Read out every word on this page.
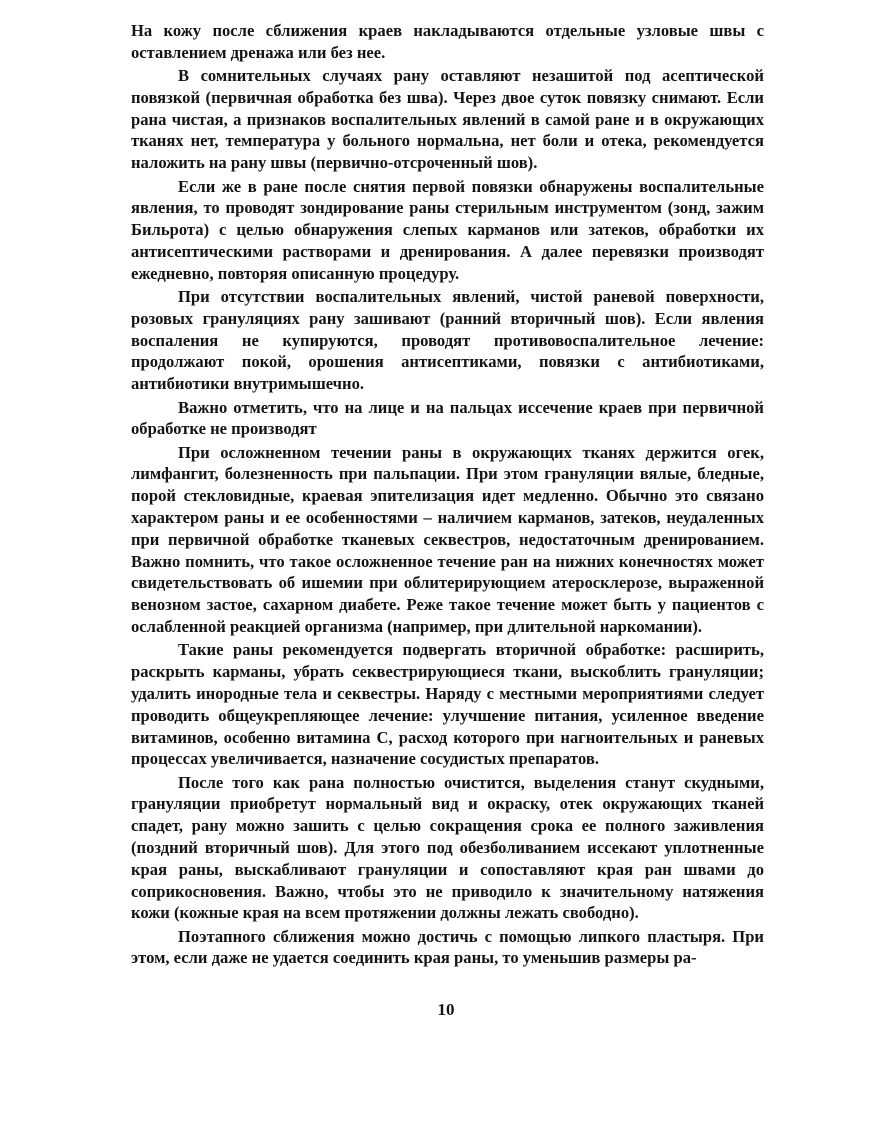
На кожу после сближения краев накладываются отдельные узловые швы с оставлением дренажа или без нее.

В сомнительных случаях рану оставляют незашитой под асептической повязкой (первичная обработка без шва). Через двое суток повязку снимают. Если рана чистая, а признаков воспалительных явлений в самой ране и в окружающих тканях нет, температура у больного нормальна, нет боли и отека, рекомендуется наложить на рану швы (первично-отсроченный шов).

Если же в ране после снятия первой повязки обнаружены воспалительные явления, то проводят зондирование раны стерильным инструментом (зонд, зажим Бильрота) с целью обнаружения слепых карманов или затеков, обработки их антисептическими растворами и дренирования. А далее перевязки производят ежедневно, повторяя описанную процедуру.

При отсутствии воспалительных явлений, чистой раневой поверхности, розовых грануляциях рану зашивают (ранний вторичный шов). Если явления воспаления не купируются, проводят противовоспалительное лечение: продолжают покой, орошения антисептиками, повязки с антибиотиками, антибиотики внутримышечно.

Важно отметить, что на лице и на пальцах иссечение краев при первичной обработке не производят

При осложненном течении раны в окружающих тканях держится огек, лимфангит, болезненность при пальпации. При этом грануляции вялые, бледные, порой стекловидные, краевая эпителизация идет медленно. Обычно это связано характером раны и ее особенностями – наличием карманов, затеков, неудаленных при первичной обработке тканевых секвестров, недостаточным дренированием. Важно помнить, что такое осложненное течение ран на нижних конечностях может свидетельствовать об ишемии при облитерирующием атеросклерозе, выраженной венозном застое, сахарном диабете. Реже такое течение может быть у пациентов с ослабленной реакцией организма (например, при длительной наркомании).

Такие раны рекомендуется подвергать вторичной обработке: расширить, раскрыть карманы, убрать секвестрирующиеся ткани, выскоблить грануляции; удалить инородные тела и секвестры. Наряду с местными мероприятиями следует проводить общеукрепляющее лечение: улучшение питания, усиленное введение витаминов, особенно витамина С, расход которого при нагноительных и раневых процессах увеличивается, назначение сосудистых препаратов.

После того как рана полностью очистится, выделения станут скудными, грануляции приобретут нормальный вид и окраску, отек окружающих тканей спадет, рану можно зашить с целью сокращения срока ее полного заживления (поздний вторичный шов). Для этого под обезболиванием иссекают уплотненные края раны, выскабливают грануляции и сопоставляют края ран швами до соприкосновения. Важно, чтобы это не приводило к значительному натяжения кожи (кожные края на всем протяжении должны лежать свободно).

Поэтапного сближения можно достичь с помощью липкого пластыря. При этом, если даже не удается соединить края раны, то уменьшив размеры ра-

10
